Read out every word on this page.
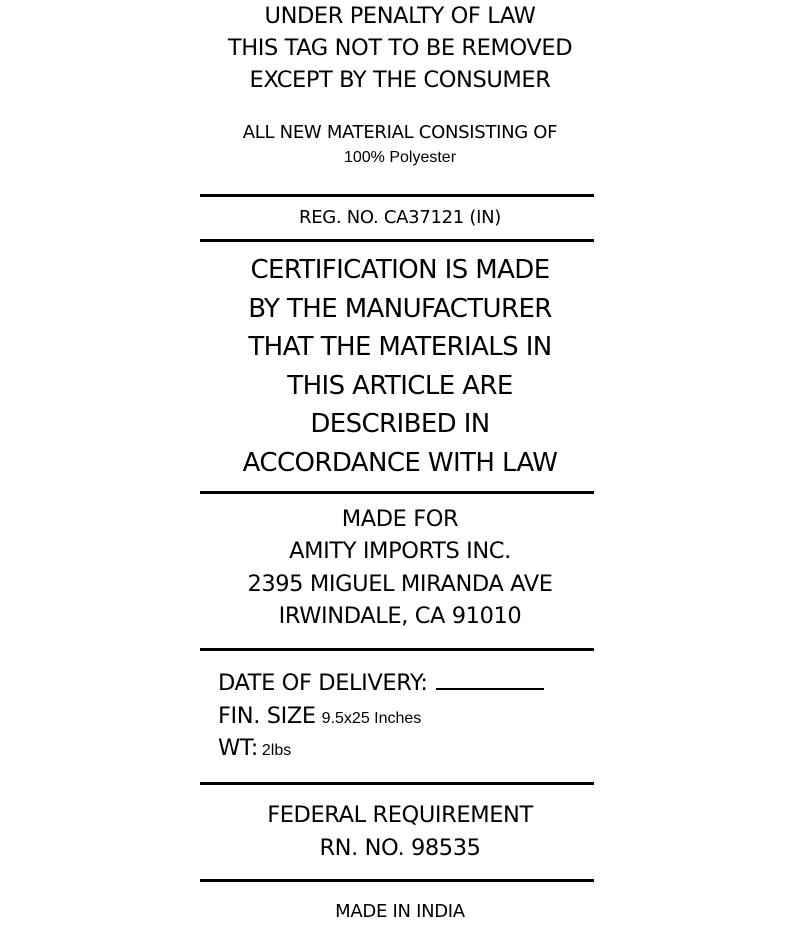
UNDER PENALTY OF LAW
THIS TAG NOT TO BE REMOVED
EXCEPT BY THE CONSUMER
ALL NEW MATERIAL CONSISTING OF
100% Polyester
REG. NO. CA37121 (IN)
CERTIFICATION IS MADE
BY THE MANUFACTURER
THAT THE MATERIALS IN
THIS ARTICLE ARE
DESCRIBED IN
ACCORDANCE WITH LAW
MADE FOR
AMITY IMPORTS INC.
2395 MIGUEL MIRANDA AVE
IRWINDALE, CA 91010
DATE OF DELIVERY:
FIN. SIZE 9.5x25 Inches
WT: 2lbs
FEDERAL REQUIREMENT
RN. NO. 98535
MADE IN INDIA
